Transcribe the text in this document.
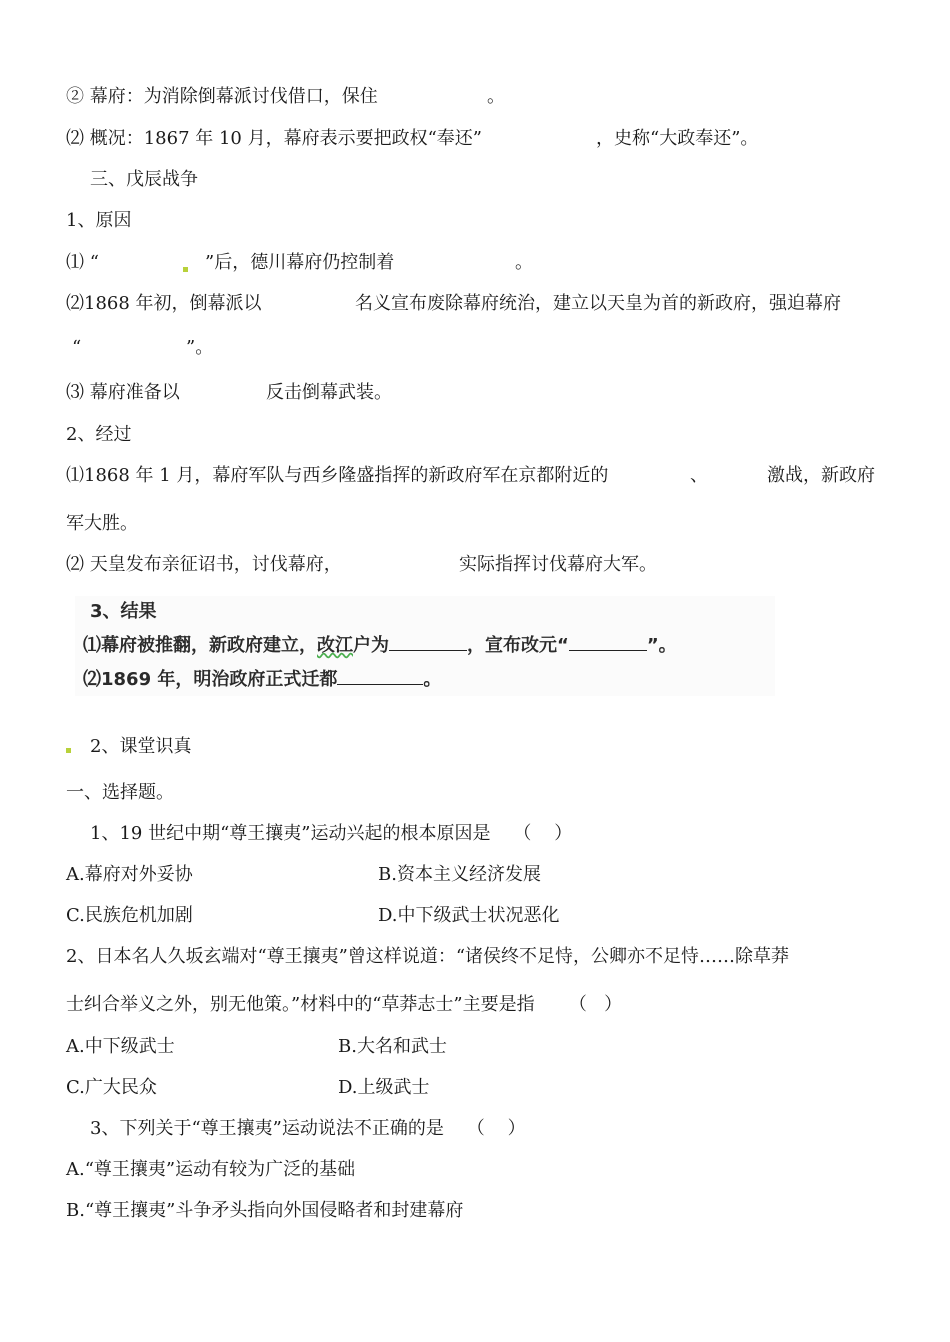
② 幕府：为消除倒幕派讨伐借口，保住	。
⑵ 概况：1867 年 10 月，幕府表示要把政权“奉还”	，史称“大政奉还”。
三、戊辰战争
1、原因
⑴ “	”后，德川幕府仍控制着	。
⑵1868 年初，倒幕派以	名义宣布废除幕府统治，建立以天皇为首的新政府，强迫幕府
“	”。
⑶ 幕府准备以	反击倒幕武装。
2、经过
⑴1868 年 1 月，幕府军队与西乡隆盛指挥的新政府军在京都附近的	、	激战，新政府
军大胜。
⑵ 天皇发布亲征诏书，讨伐幕府，	实际指挥讨伐幕府大军。
3、结果
⑴幕府被推翻，新政府建立，改江户为	，宣布改元“	”。
⑵1869 年，明治政府正式迁都	。
2、课堂识真
一、选择题。
1、19 世纪中期“尊王攘夷”运动兴起的根本原因是    （    ）
A.幕府对外妥协	B.资本主义经济发展
C.民族危机加剧	D.中下级武士状况恶化
2、日本名人久坂玄端对“尊王攘夷”曾这样说道：“诸侯终不足恃，公卿亦不足恃……除草莽
士纠合举义之外，别无他策。”材料中的“草莽志士”主要是指      （   ）
A.中下级武士	B.大名和武士
C.广大民众	D.上级武士
3、下列关于“尊王攘夷”运动说法不正确的是    （    ）
A.“尊王攘夷”运动有较为广泛的基础
B.“尊王攘夷”斗争矛头指向外国侵略者和封建幕府
